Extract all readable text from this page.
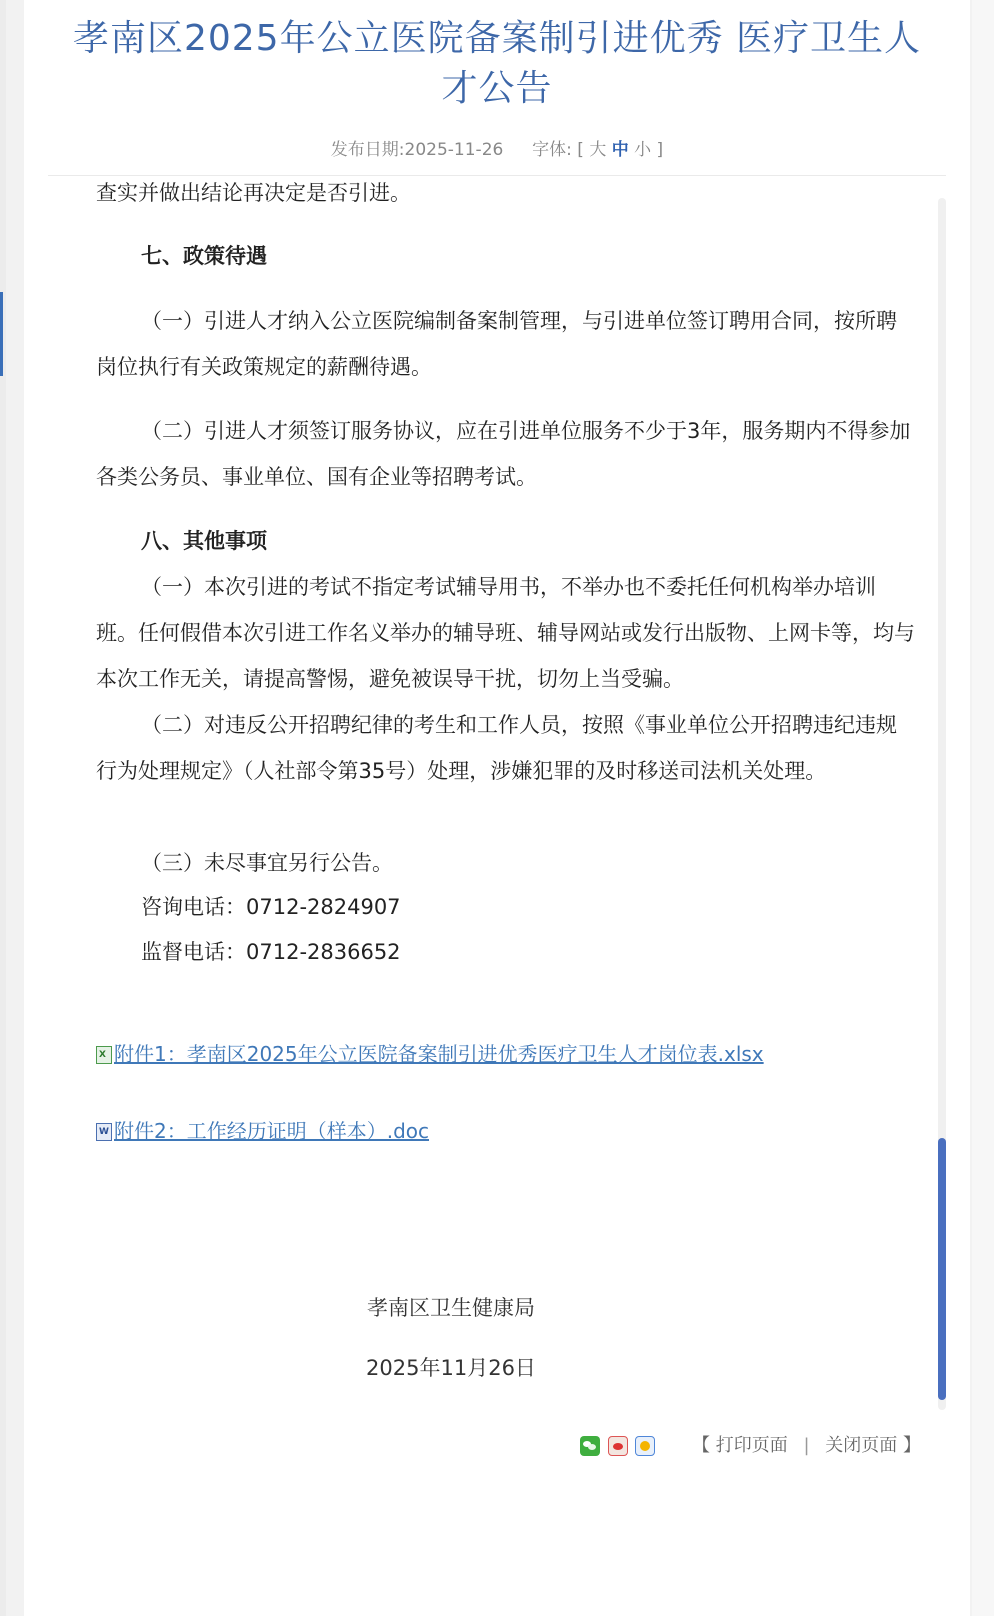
孝南区2025年公立医院备案制引进优秀 医疗卫生人才公告
发布日期:2025-11-26 字体: [ 大 中 小 ]

查实并做出结论再决定是否引进。

七、政策待遇

（一）引进人才纳入公立医院编制备案制管理，与引进单位签订聘用合同，按所聘岗位执行有关政策规定的薪酬待遇。

（二）引进人才须签订服务协议，应在引进单位服务不少于3年，服务期内不得参加各类公务员、事业单位、国有企业等招聘考试。

八、其他事项

（一）本次引进的考试不指定考试辅导用书，不举办也不委托任何机构举办培训班。任何假借本次引进工作名义举办的辅导班、辅导网站或发行出版物、上网卡等，均与本次工作无关，请提高警惕，避免被误导干扰，切勿上当受骗。

（二）对违反公开招聘纪律的考生和工作人员，按照《事业单位公开招聘违纪违规行为处理规定》（人社部令第35号）处理，涉嫌犯罪的及时移送司法机关处理。

（三）未尽事宜另行公告。

咨询电话：0712-2824907

监督电话：0712-2836652

X 附件1：孝南区2025年公立医院备案制引进优秀医疗卫生人才岗位表.xlsx
W 附件2：工作经历证明（样本）.doc
孝南区卫生健康局
2025年11月26日
【 打印页面 | 关闭页面 】
